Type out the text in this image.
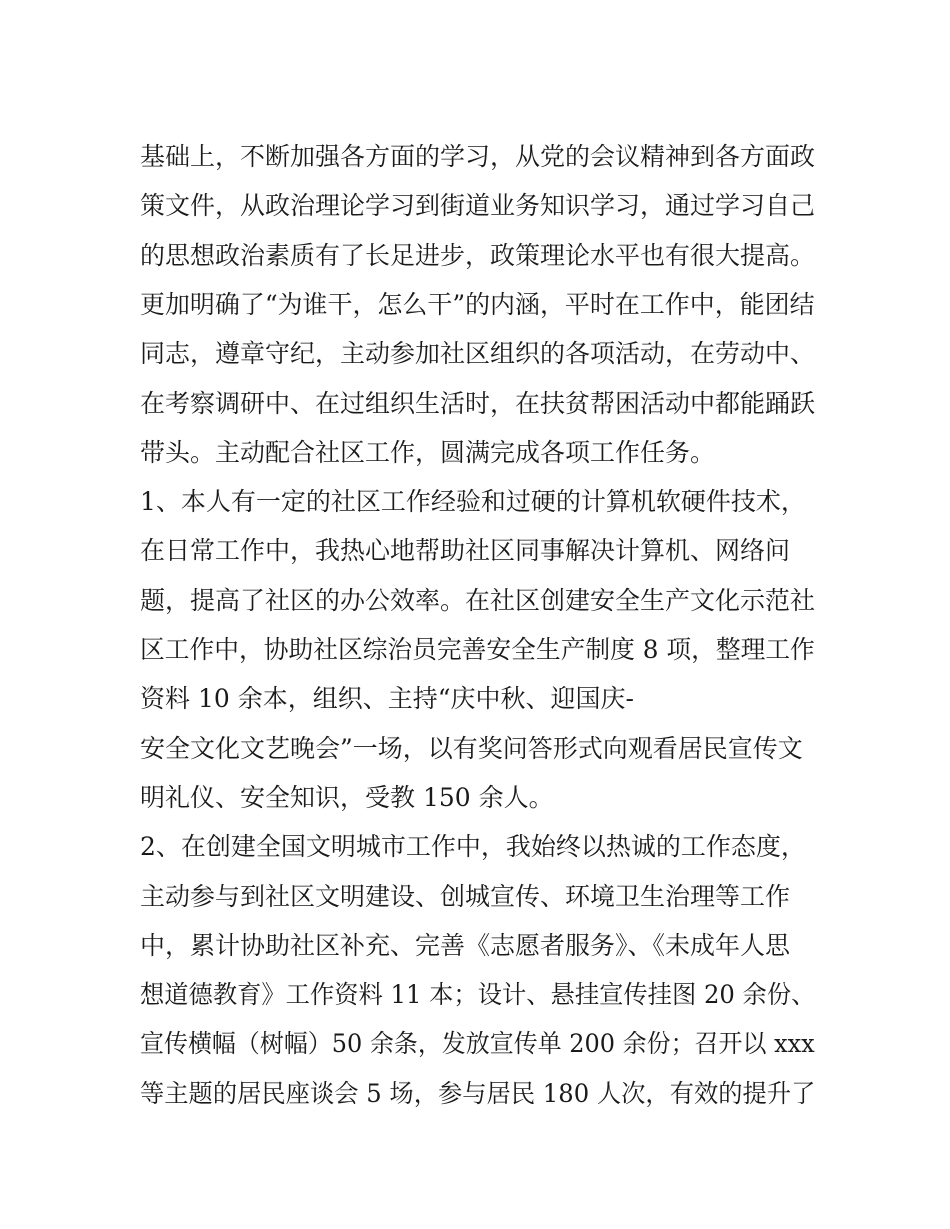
基础上，不断加强各方面的学习，从党的会议精神到各方面政
策文件，从政治理论学习到街道业务知识学习，通过学习自己
的思想政治素质有了长足进步，政策理论水平也有很大提高。
更加明确了“为谁干，怎么干”的内涵，平时在工作中，能团结
同志，遵章守纪，主动参加社区组织的各项活动，在劳动中、
在考察调研中、在过组织生活时，在扶贫帮困活动中都能踊跃
带头。主动配合社区工作，圆满完成各项工作任务。
1、本人有一定的社区工作经验和过硬的计算机软硬件技术，
在日常工作中，我热心地帮助社区同事解决计算机、网络问
题，提高了社区的办公效率。在社区创建安全生产文化示范社
区工作中，协助社区综治员完善安全生产制度 8 项，整理工作
资料 10 余本，组织、主持“庆中秋、迎国庆-
安全文化文艺晚会”一场，以有奖问答形式向观看居民宣传文
明礼仪、安全知识，受教 150 余人。
2、在创建全国文明城市工作中，我始终以热诚的工作态度，
主动参与到社区文明建设、创城宣传、环境卫生治理等工作
中，累计协助社区补充、完善《志愿者服务》、《未成年人思
想道德教育》工作资料 11 本；设计、悬挂宣传挂图 20 余份、
宣传横幅（树幅）50 余条，发放宣传单 200 余份；召开以 xxx
等主题的居民座谈会 5 场，参与居民 180 人次，有效的提升了
